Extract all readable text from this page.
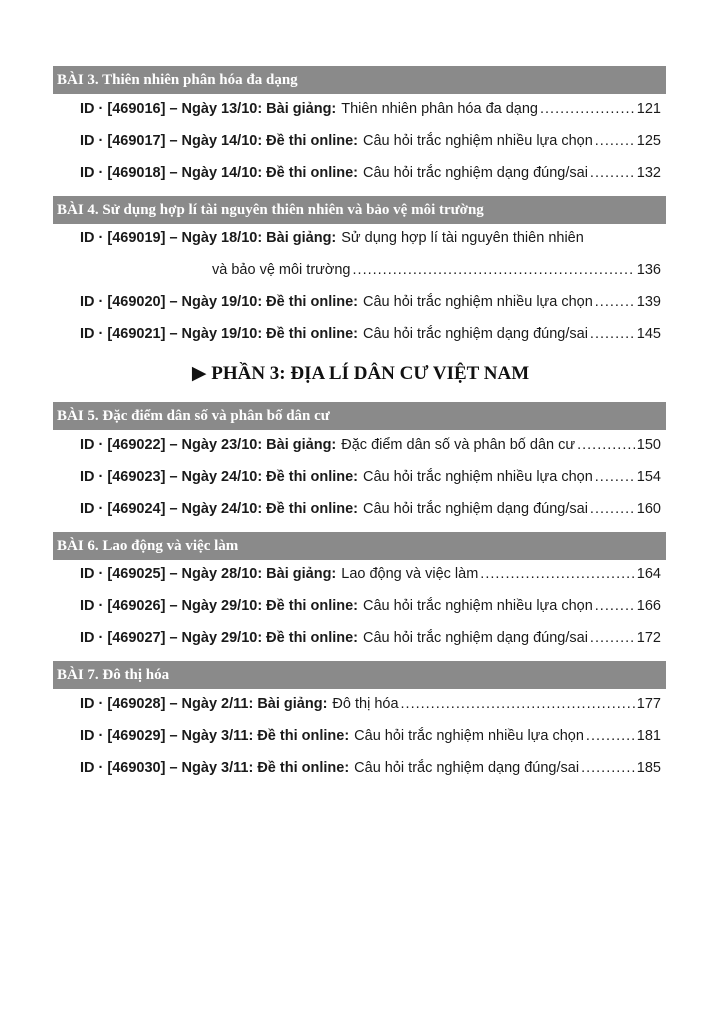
BÀI 3. Thiên nhiên phân hóa đa dạng
ID · [469016] – Ngày 13/10: Bài giảng: Thiên nhiên phân hóa đa dạng .....	121
ID · [469017] – Ngày 14/10: Đề thi online: Câu hỏi trắc nghiệm nhiều lựa chọn .....	125
ID · [469018] – Ngày 14/10: Đề thi online: Câu hỏi trắc nghiệm dạng đúng/sai .....	132
BÀI 4. Sử dụng hợp lí tài nguyên thiên nhiên và bảo vệ môi trường
ID · [469019] – Ngày 18/10: Bài giảng: Sử dụng hợp lí tài nguyên thiên nhiên
và bảo vệ môi trường .....	136
ID · [469020] – Ngày 19/10: Đề thi online: Câu hỏi trắc nghiệm nhiều lựa chọn .....	139
ID · [469021] – Ngày 19/10: Đề thi online: Câu hỏi trắc nghiệm dạng đúng/sai .....	145
▶ PHẦN 3: ĐỊA LÍ DÂN CƯ VIỆT NAM
BÀI 5. Đặc điểm dân số và phân bố dân cư
ID · [469022] – Ngày 23/10: Bài giảng: Đặc điểm dân số và phân bố dân cư .....	150
ID · [469023] – Ngày 24/10: Đề thi online: Câu hỏi trắc nghiệm nhiều lựa chọn .....	154
ID · [469024] – Ngày 24/10: Đề thi online: Câu hỏi trắc nghiệm dạng đúng/sai .....	160
BÀI 6. Lao động và việc làm
ID · [469025] – Ngày 28/10: Bài giảng: Lao động và việc làm .....	164
ID · [469026] – Ngày 29/10: Đề thi online: Câu hỏi trắc nghiệm nhiều lựa chọn .....	166
ID · [469027] – Ngày 29/10: Đề thi online: Câu hỏi trắc nghiệm dạng đúng/sai .....	172
BÀI 7. Đô thị hóa
ID · [469028] – Ngày 2/11: Bài giảng: Đô thị hóa .....	177
ID · [469029] – Ngày 3/11: Đề thi online: Câu hỏi trắc nghiệm nhiều lựa chọn .....	181
ID · [469030] – Ngày 3/11: Đề thi online: Câu hỏi trắc nghiệm dạng đúng/sai .....	185
